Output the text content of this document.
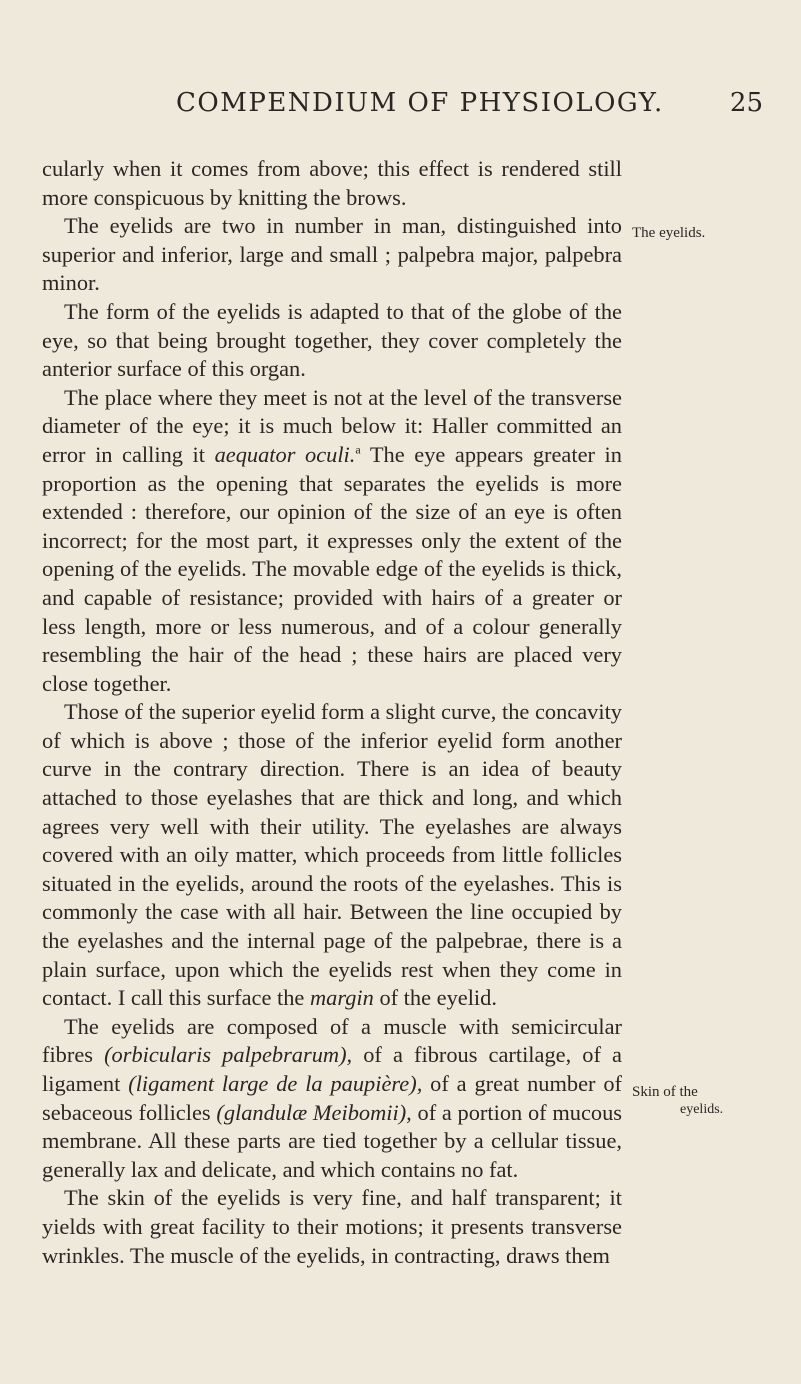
COMPENDIUM OF PHYSIOLOGY.	25

cularly when it comes from above; this effect is rendered still more conspicuous by knitting the brows.

The eyelids are two in number in man, distinguished into superior and inferior, large and small ; palpebra major, palpebra minor.

The form of the eyelids is adapted to that of the globe of the eye, so that being brought together, they cover completely the anterior surface of this organ.

The place where they meet is not at the level of the transverse diameter of the eye; it is much below it: Haller committed an error in calling it aequator oculi.$^a$ The eye appears greater in proportion as the opening that separates the eyelids is more extended : therefore, our opinion of the size of an eye is often incorrect; for the most part, it expresses only the extent of the opening of the eyelids. The movable edge of the eyelids is thick, and capable of resistance; provided with hairs of a greater or less length, more or less numerous, and of a colour generally resembling the hair of the head ; these hairs are placed very close together.

Those of the superior eyelid form a slight curve, the concavity of which is above ; those of the inferior eyelid form another curve in the contrary direction. There is an idea of beauty attached to those eyelashes that are thick and long, and which agrees very well with their utility. The eyelashes are always covered with an oily matter, which proceeds from little follicles situated in the eyelids, around the roots of the eyelashes. This is commonly the case with all hair. Between the line occupied by the eyelashes and the internal page of the palpebrae, there is a plain surface, upon which the eyelids rest when they come in contact. I call this surface the margin of the eyelid.

The eyelids are composed of a muscle with semicircular fibres (orbicularis palpebrarum), of a fibrous cartilage, of a ligament (ligament large de la paupière), of a great number of sebaceous follicles (glandulæ Meibomii), of a portion of mucous membrane. All these parts are tied together by a cellular tissue, generally lax and delicate, and which contains no fat.

The skin of the eyelids is very fine, and half transparent; it yields with great facility to their motions; it presents transverse wrinkles. The muscle of the eyelids, in contracting, draws them

The eyelids.
Skin of the
eyelids.
